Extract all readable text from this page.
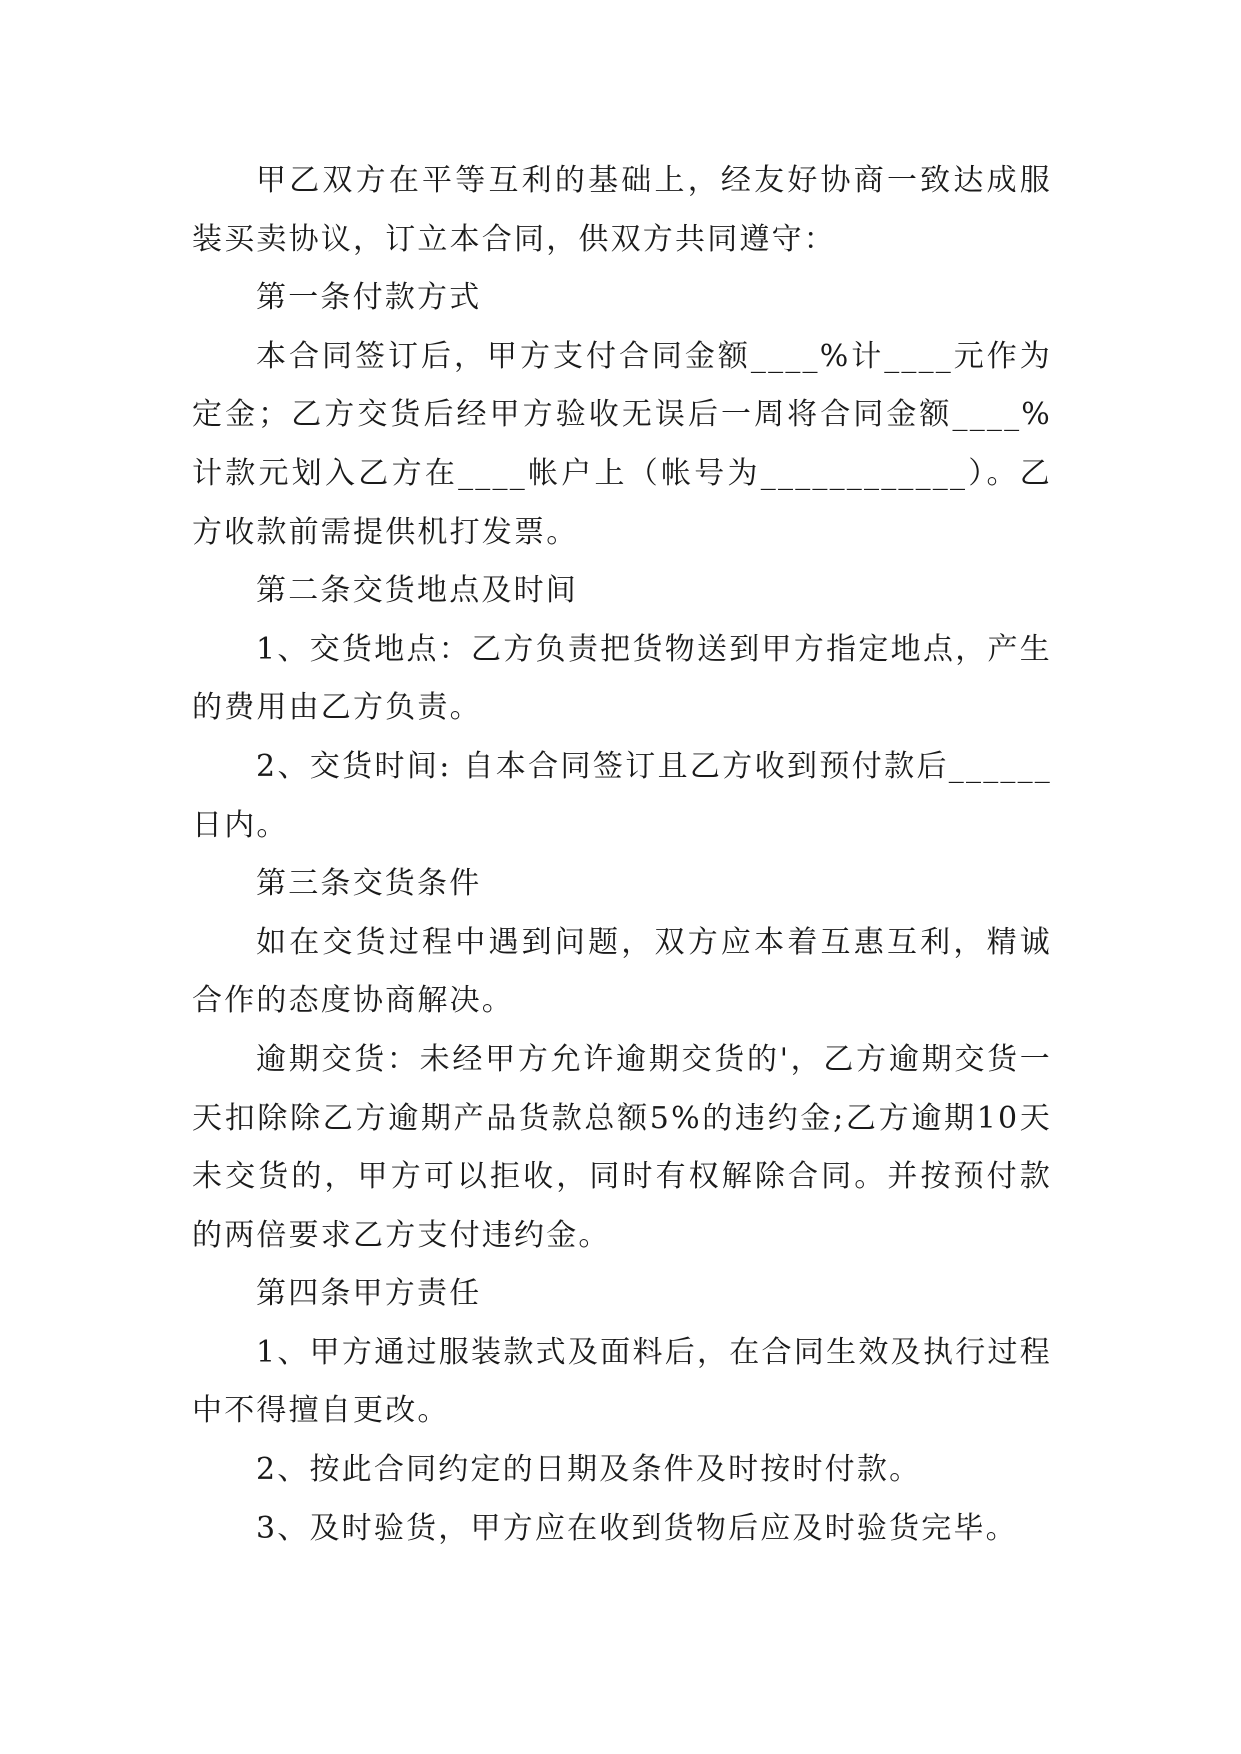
甲乙双方在平等互利的基础上，经友好协商一致达成服装买卖协议，订立本合同，供双方共同遵守：

第一条付款方式

本合同签订后，甲方支付合同金额____%计____元作为定金；乙方交货后经甲方验收无误后一周将合同金额____%计款元划入乙方在____帐户上（帐号为____________）。乙方收款前需提供机打发票。

第二条交货地点及时间

1、交货地点：乙方负责把货物送到甲方指定地点，产生的费用由乙方负责。

2、交货时间: 自本合同签订且乙方收到预付款后______日内。

第三条交货条件

如在交货过程中遇到问题，双方应本着互惠互利，精诚合作的态度协商解决。

逾期交货：未经甲方允许逾期交货的'，乙方逾期交货一天扣除除乙方逾期产品货款总额5%的违约金;乙方逾期10天未交货的，甲方可以拒收，同时有权解除合同。并按预付款的两倍要求乙方支付违约金。

第四条甲方责任

1、甲方通过服装款式及面料后，在合同生效及执行过程中不得擅自更改。

2、按此合同约定的日期及条件及时按时付款。

3、及时验货，甲方应在收到货物后应及时验货完毕。
